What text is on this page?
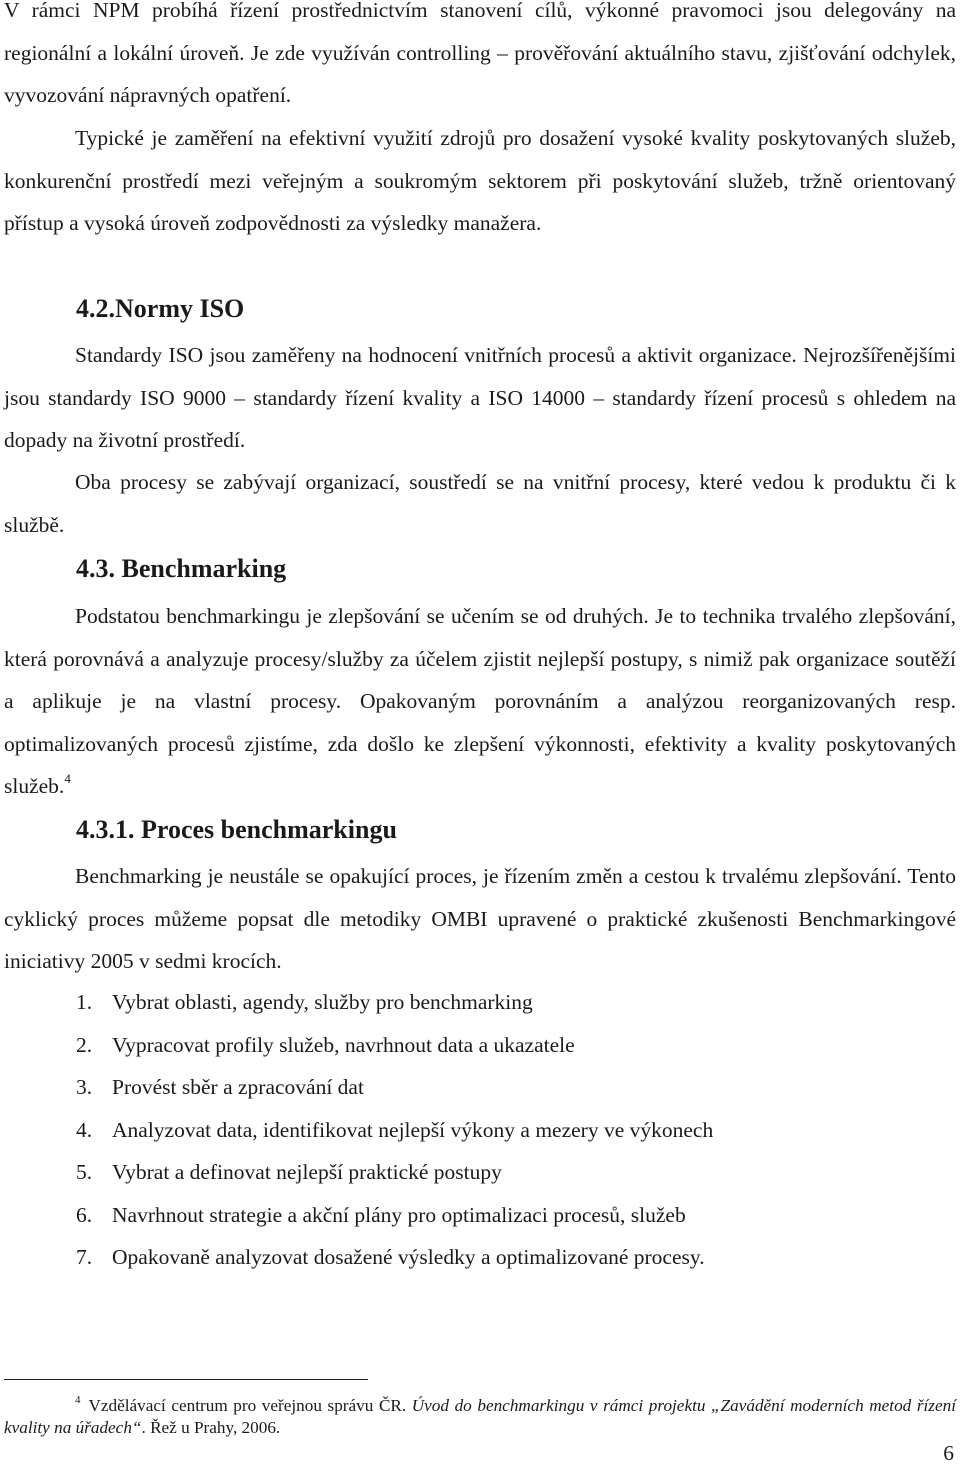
V rámci NPM probíhá řízení prostřednictvím stanovení cílů, výkonné pravomoci jsou delegovány na regionální a lokální úroveň. Je zde využíván controlling – prověřování aktuálního stavu, zjišťování odchylek, vyvozování nápravných opatření.

Typické je zaměření na efektivní využití zdrojů pro dosažení vysoké kvality poskytovaných služeb, konkurenční prostředí mezi veřejným a soukromým sektorem při poskytování služeb, tržně orientovaný přístup a vysoká úroveň zodpovědnosti za výsledky manažera.

4.2.Normy ISO

Standardy ISO jsou zaměřeny na hodnocení vnitřních procesů a aktivit organizace. Nejrozšířenějšími jsou standardy ISO 9000 – standardy řízení kvality a ISO 14000 – standardy řízení procesů s ohledem na dopady na životní prostředí.

Oba procesy se zabývají organizací, soustředí se na vnitřní procesy, které vedou k produktu či k službě.

4.3. Benchmarking

Podstatou benchmarkingu je zlepšování se učením se od druhých. Je to technika trvalého zlepšování, která porovnává a analyzuje procesy/služby za účelem zjistit nejlepší postupy, s nimiž pak organizace soutěží a aplikuje je na vlastní procesy. Opakovaným porovnáním a analýzou reorganizovaných resp. optimalizovaných procesů zjistíme, zda došlo ke zlepšení výkonnosti, efektivity a kvality poskytovaných služeb.$^4$

4.3.1. Proces benchmarkingu

Benchmarking je neustále se opakující proces, je řízením změn a cestou k trvalému zlepšování. Tento cyklický proces můžeme popsat dle metodiky OMBI upravené o praktické zkušenosti Benchmarkingové iniciativy 2005 v sedmi krocích.

1. Vybrat oblasti, agendy, služby pro benchmarking
2. Vypracovat profily služeb, navrhnout data a ukazatele
3. Provést sběr a zpracování dat
4. Analyzovat data, identifikovat nejlepší výkony a mezery ve výkonech
5. Vybrat a definovat nejlepší praktické postupy
6. Navrhnout strategie a akční plány pro optimalizaci procesů, služeb
7. Opakovaně analyzovat dosažené výsledky a optimalizované procesy.

$^4$ Vzdělávací centrum pro veřejnou správu ČR. Úvod do benchmarkingu v rámci projektu „Zavádění moderních metod řízení kvality na úřadech“. Řež u Prahy, 2006.

6
